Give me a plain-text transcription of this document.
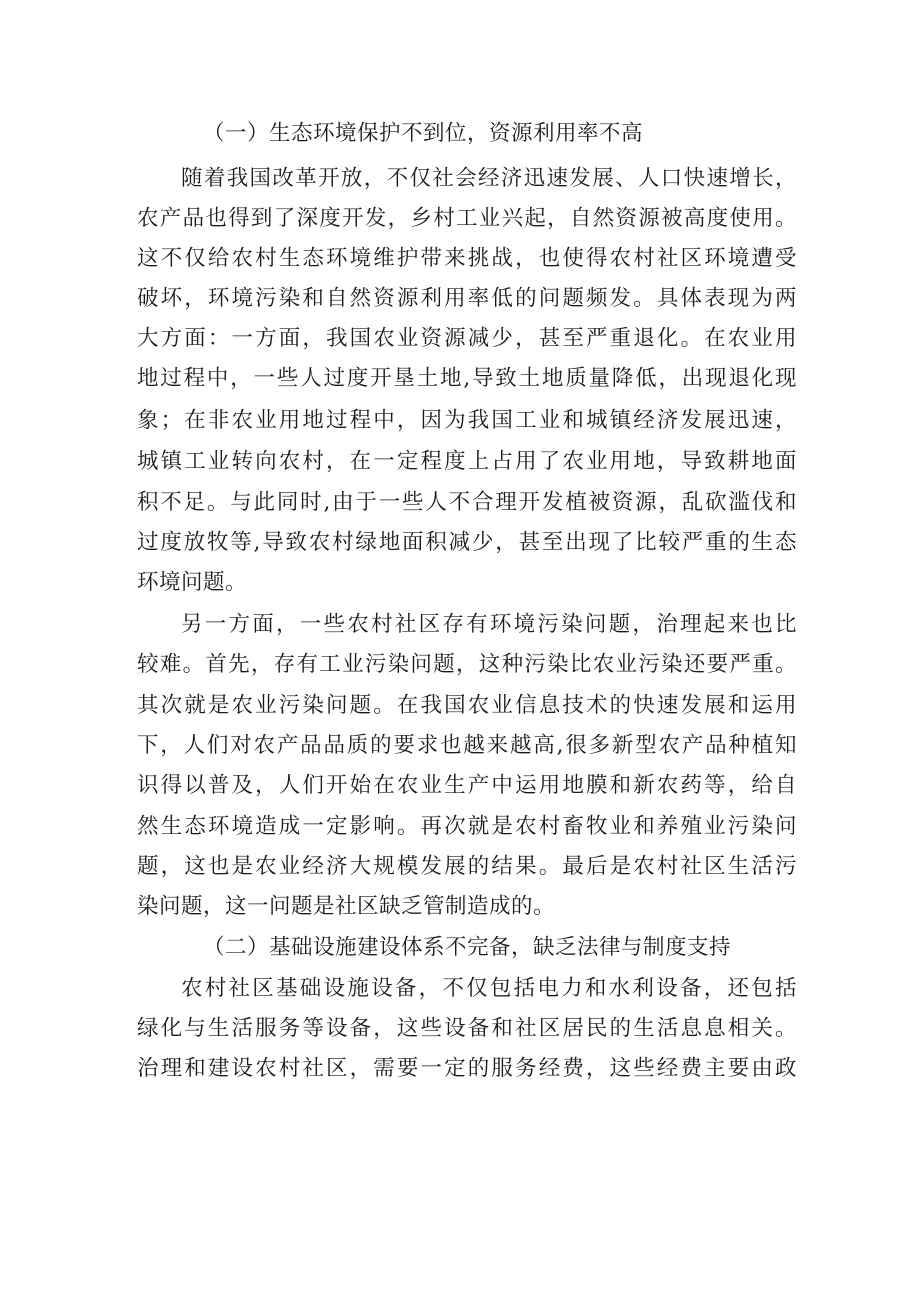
（一）生态环境保护不到位，资源利用率不高
随着我国改革开放，不仅社会经济迅速发展、人口快速增长，
农产品也得到了深度开发，乡村工业兴起，自然资源被高度使用。
这不仅给农村生态环境维护带来挑战，也使得农村社区环境遭受
破坏，环境污染和自然资源利用率低的问题频发。具体表现为两
大方面：一方面，我国农业资源减少，甚至严重退化。在农业用
地过程中，一些人过度开垦土地,导致土地质量降低，出现退化现
象；在非农业用地过程中，因为我国工业和城镇经济发展迅速，
城镇工业转向农村，在一定程度上占用了农业用地，导致耕地面
积不足。与此同时,由于一些人不合理开发植被资源，乱砍滥伐和
过度放牧等,导致农村绿地面积减少，甚至出现了比较严重的生态
环境问题。
另一方面，一些农村社区存有环境污染问题，治理起来也比
较难。首先，存有工业污染问题，这种污染比农业污染还要严重。
其次就是农业污染问题。在我国农业信息技术的快速发展和运用
下，人们对农产品品质的要求也越来越高,很多新型农产品种植知
识得以普及，人们开始在农业生产中运用地膜和新农药等，给自
然生态环境造成一定影响。再次就是农村畜牧业和养殖业污染问
题，这也是农业经济大规模发展的结果。最后是农村社区生活污
染问题，这一问题是社区缺乏管制造成的。
（二）基础设施建设体系不完备，缺乏法律与制度支持
农村社区基础设施设备，不仅包括电力和水利设备，还包括
绿化与生活服务等设备，这些设备和社区居民的生活息息相关。
治理和建设农村社区，需要一定的服务经费，这些经费主要由政
